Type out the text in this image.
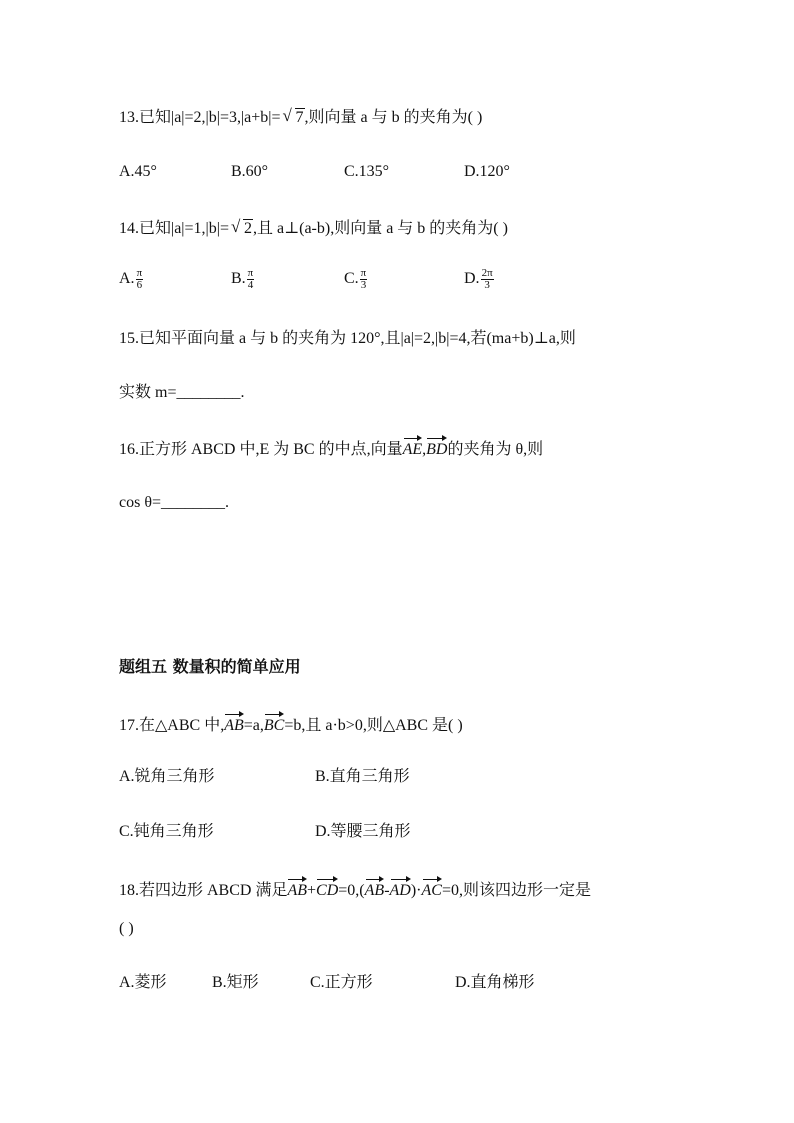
13.已知|a|=2,|b|=3,|a+b|= √ 7,则向量 a 与 b 的夹角为( )
A.45°	B.60°	C.135°	D.120°
14.已知|a|=1,|b|= √ 2,且 a⊥(a-b),则向量 a 与 b 的夹角为( )
A. $\frac{\pi}{6}$	B. $\frac{\pi}{4}$	C. $\frac{\pi}{3}$	D. $\frac{2\pi}{3}$
15.已知平面向量 a 与 b 的夹角为 120°,且|a|=2,|b|=4,若(ma+b)⊥a,则
实数 m=________.
16.正方形 ABCD 中,E 为 BC 的中点,向量AE,BD的夹角为 θ,则
cos θ=________.
题组五 数量积的简单应用
17.在△ABC 中,AB=a,BC=b,且 a·b>0,则△ABC 是( )
A.锐角三角形	B.直角三角形
C.钝角三角形	D.等腰三角形
18.若四边形 ABCD 满足AB+CD=0,(AB-AD)·AC=0,则该四边形一定是
( )
A.菱形	B.矩形	C.正方形	D.直角梯形
